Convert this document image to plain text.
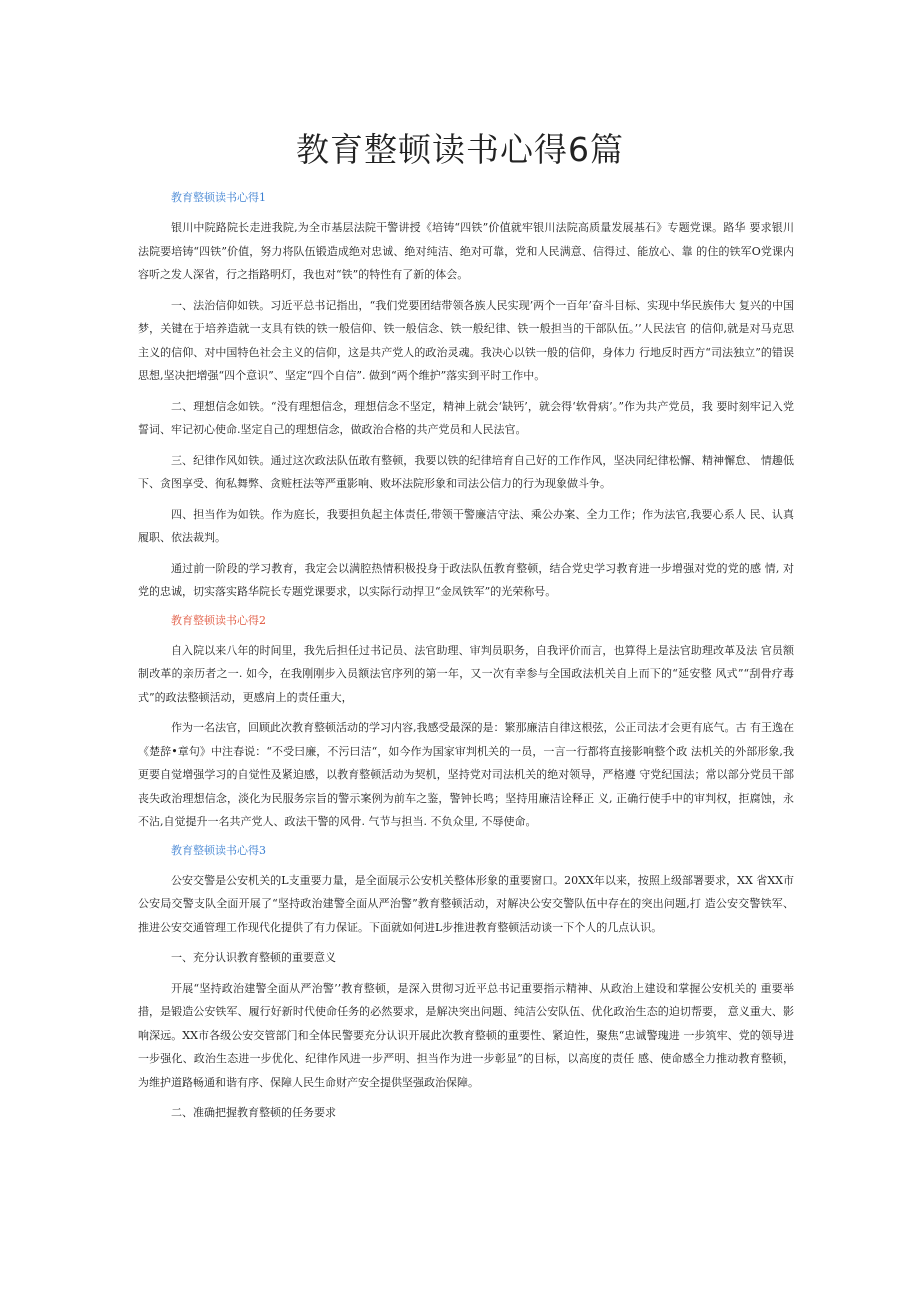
教育整顿读书心得6篇

教育整顿读书心得1

银川中院路院长走进我院,为全市基层法院干警讲授《培铸“四铁”价值就牢银川法院高质量发展基石》专题党课。路华 要求银川法院要培铸“四铁”价值，努力将队伍锻造成绝对忠诚、绝对纯洁、绝对可靠，党和人民满意、信得过、能放心、靠 的住的铁军O党课内容听之发人深省，行之指路明灯，我也对“铁”的特性有了新的体会。

一、法治信仰如铁。习近平总书记指出，“我们党要团结带领各族人民实现’两个一百年’奋斗目标、实现中华民族伟大 复兴的中国梦，关键在于培养造就一支具有铁的铁一般信仰、铁一般信念、铁一般纪律、铁一般担当的干部队伍。’’人民法官 的信仰,就是对马克思主义的信仰、对中国特色社会主义的信仰，这是共产党人的政治灵魂。我决心以铁一般的信仰，身体力 行地反时西方“司法独立”的错误思想,坚决把增强“四个意识”、坚定“四个自信”. 做到“两个维护”落实到平时工作中。

二、理想信念如铁。“没有理想信念，理想信念不坚定，精神上就会‘缺钙’，就会得‘软骨病’。”作为共产党员，我 要时刻牢记入党誓词、牢记初心使命.坚定自己的理想信念，做政治合格的共产党员和人民法官。

三、纪律作风如铁。通过这次政法队伍敢有整顿，我要以铁的纪律培育自己好的工作作风，坚决同纪律松懈、精神懈怠、 情趣低下、贪图享受、徇私舞弊、贪赃枉法等严重影响、败坏法院形象和司法公信力的行为现象做斗争。

四、担当作为如铁。作为庭长，我要担负起主体责任,带领干警廉洁守法、乘公办案、全力工作；作为法官,我要心系人 民、认真履职、依法裁判。

通过前一阶段的学习教育，我定会以满腔热情积极投身于政法队伍教育整顿，结合党史学习教育进一步增强对党的党的感 情, 对党的忠诚，切实落实路华院长专题党课要求，以实际行动捍卫“金凤铁军”的光荣称号。

教育整顿读书心得2

自入院以来八年的时间里，我先后担任过书记员、法官助理、审判员职务，自我评价而言，也算得上是法官助理改革及法 官员额制改革的亲历者之一. 如今，在我刚刚步入员额法官序列的第一年，又一次有幸参与全国政法机关自上而下的“延安整 风式”“刮骨疗毒式”的政法整顿活动，更感肩上的责任重大，

作为一名法官，回顾此次教育整顿活动的学习内容,我感受最深的是：繁那廉洁自律这根弦，公正司法才会更有底气。古 有王逸在《楚辞•章句》中注春说：“不受曰廉，不污曰洁“，如今作为国家审判机关的一员，一言一行都将直接影响整个政 法机关的外部形象,我更要自觉增强学习的自觉性及紧迫感，以教育整顿活动为契机，坚持党对司法机关的绝对领导，严格遵 守党纪国法；常以部分党员干部丧失政治理想信念，淡化为民服务宗旨的警示案例为前车之鉴，警钟长鸣；坚持用廉洁诠释正 义, 正确行使手中的审判权，拒腐蚀，永不沾,自觉提升一名共产党人、政法干警的风骨. 气节与担当. 不负众里, 不辱使命。

教育整顿读书心得3

公安交警是公安机关的L支重要力量，是全面展示公安机关整体形象的重要窗口。20XX年以来，按照上级部署要求，XX 省XX市公安局交警支队全面开展了“坚持政治建警全面从严治警”教育整顿活动，对解决公安交警队伍中存在的突出问题,打 造公安交警铁军、推进公安交通管理工作现代化提供了有力保证。下面就如何进L步推进教育整顿活动谈一下个人的几点认识。

一、充分认识教育整顿的重要意义

开展“坚持政治建警全面从严治警’’教育整顿，是深入贯彻习近平总书记重要指示精神、从政治上建设和掌握公安机关的 重要举措，是锻造公安铁军、履行好新时代使命任务的必然要求，是解决突出问题、纯洁公安队伍、优化政治生态的迫切帮要， 意义重大、影响深远。XX市各级公安交管部门和全体民警要充分认识开展此次教育整顿的重要性、紧迫性，聚焦“忠诚警瑰进 一步筑牢、党的领导进一步强化、政治生态进一步优化、纪律作风进一步严明、担当作为进一步彰显”的目标，以高度的责任 感、使命感全力推动教育整顿，为维护道路畅通和谐有序、保障人民生命财产安全提供坚强政治保障。

二、准确把握教育整顿的任务要求
